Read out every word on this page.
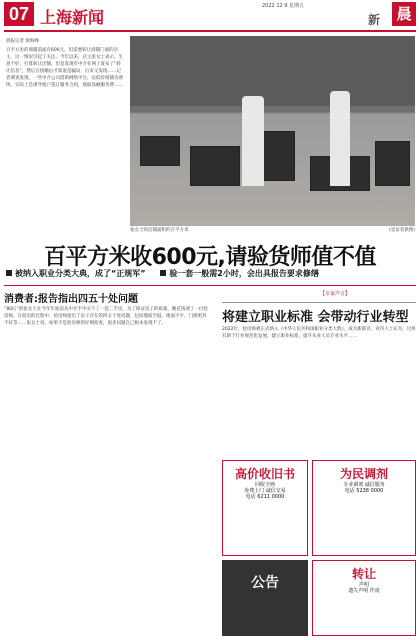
07 上海新闻
2022 12 9 星期五
新 晨
晨报记者 梁海峰
百平方米的商铺前面有600元，但需要转让商铺门面的店主，这一情况引起了关注。今年以来，店主张女士表示，生意不好，打算转让店铺，但是发现有中介在网上发布了“转让信息”，然后在接触后才知道是骗局，后来又发现……记者调查发现，一些中介公司借助网络平台，以低价商铺为诱饵，实际上是诱导租户签订服务合同，收取高额服务费……
张女士的店铺面积约百平方米	(受访者供图)
百平方米收600元,请验货师值不值
被纳入职业分类大典，成了“正规军”	验一套一般需2小时，会出具报告要求修缮
消费者:报告指出四五十处问题
“80后”的张女士在今年年底前从中介手中买下了一套二手房，为了保证房子的质量，她花钱请了一位验房师。在验房的过程中，验房师指出了房子存在的四五十处问题，包括墙面空鼓、地面不平、门窗密封不好等……张女士说，如果不是验房师的仔细检查，很多问题自己根本发现不了。
【专家声音】
将建立职业标准 会带动行业转型
2022年，验房师被正式纳入《中华人民共和国职业分类大典》，成为新职业。业内人士认为，这将有助于行业规范化发展，建立职业标准，提升从业人员专业水平……
高价收旧书
回收字画
免费上门 诚信交易
电话 6211 0000
为民调剂
专业调剂 诚信服务
电话 5238 0000
转让
声明
遗失声明 作废
公告
